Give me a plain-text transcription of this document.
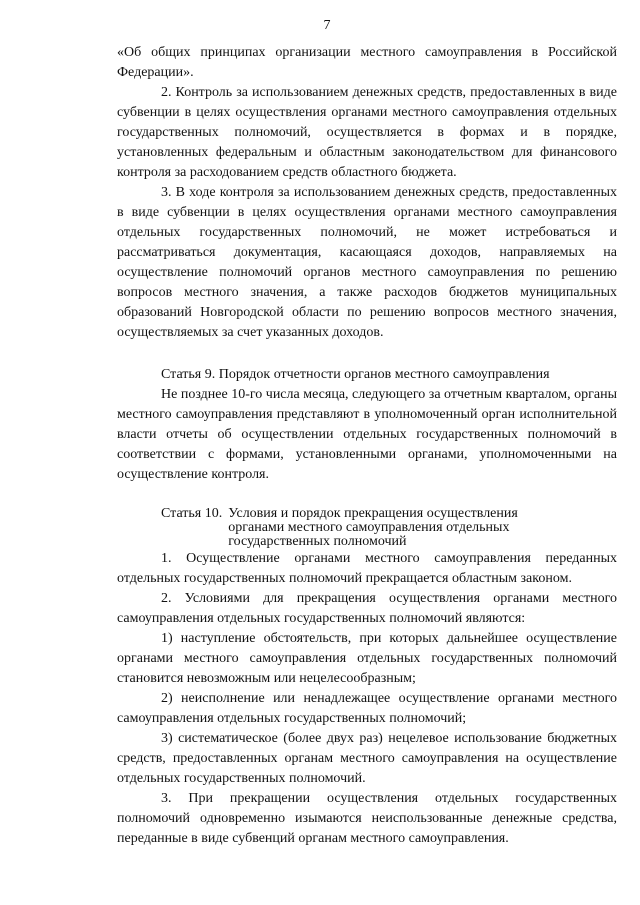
7

«Об общих принципах организации местного самоуправления в Российской Федерации».

2. Контроль за использованием денежных средств, предоставленных в виде субвенции в целях осуществления органами местного самоуправления отдельных государственных полномочий, осуществляется в формах и в порядке, установленных федеральным и областным законодательством для финансового контроля за расходованием средств областного бюджета.

3. В ходе контроля за использованием денежных средств, предоставленных в виде субвенции в целях осуществления органами местного самоуправления отдельных государственных полномочий, не может истребоваться и рассматриваться документация, касающаяся доходов, направляемых на осуществление полномочий органов местного самоуправления по решению вопросов местного значения, а также расходов бюджетов муниципальных образований Новгородской области по решению вопросов местного значения, осуществляемых за счет указанных доходов.

Статья 9. Порядок отчетности органов местного самоуправления

Не позднее 10-го числа месяца, следующего за отчетным кварталом, органы местного самоуправления представляют в уполномоченный орган исполнительной власти отчеты об осуществлении отдельных государственных полномочий в соответствии с формами, установленными органами, уполномоченными на осуществление контроля.

Статья 10. Условия и порядок прекращения осуществления
органами местного самоуправления отдельных
государственных полномочий

1. Осуществление органами местного самоуправления переданных отдельных государственных полномочий прекращается областным законом.

2. Условиями для прекращения осуществления органами местного самоуправления отдельных государственных полномочий являются:

1) наступление обстоятельств, при которых дальнейшее осуществление органами местного самоуправления отдельных государственных полномочий становится невозможным или нецелесообразным;

2) неисполнение или ненадлежащее осуществление органами местного самоуправления отдельных государственных полномочий;

3) систематическое (более двух раз) нецелевое использование бюджетных средств, предоставленных органам местного самоуправления на осуществление отдельных государственных полномочий.

3. При прекращении осуществления отдельных государственных полномочий одновременно изымаются неиспользованные денежные средства, переданные в виде субвенций органам местного самоуправления.
